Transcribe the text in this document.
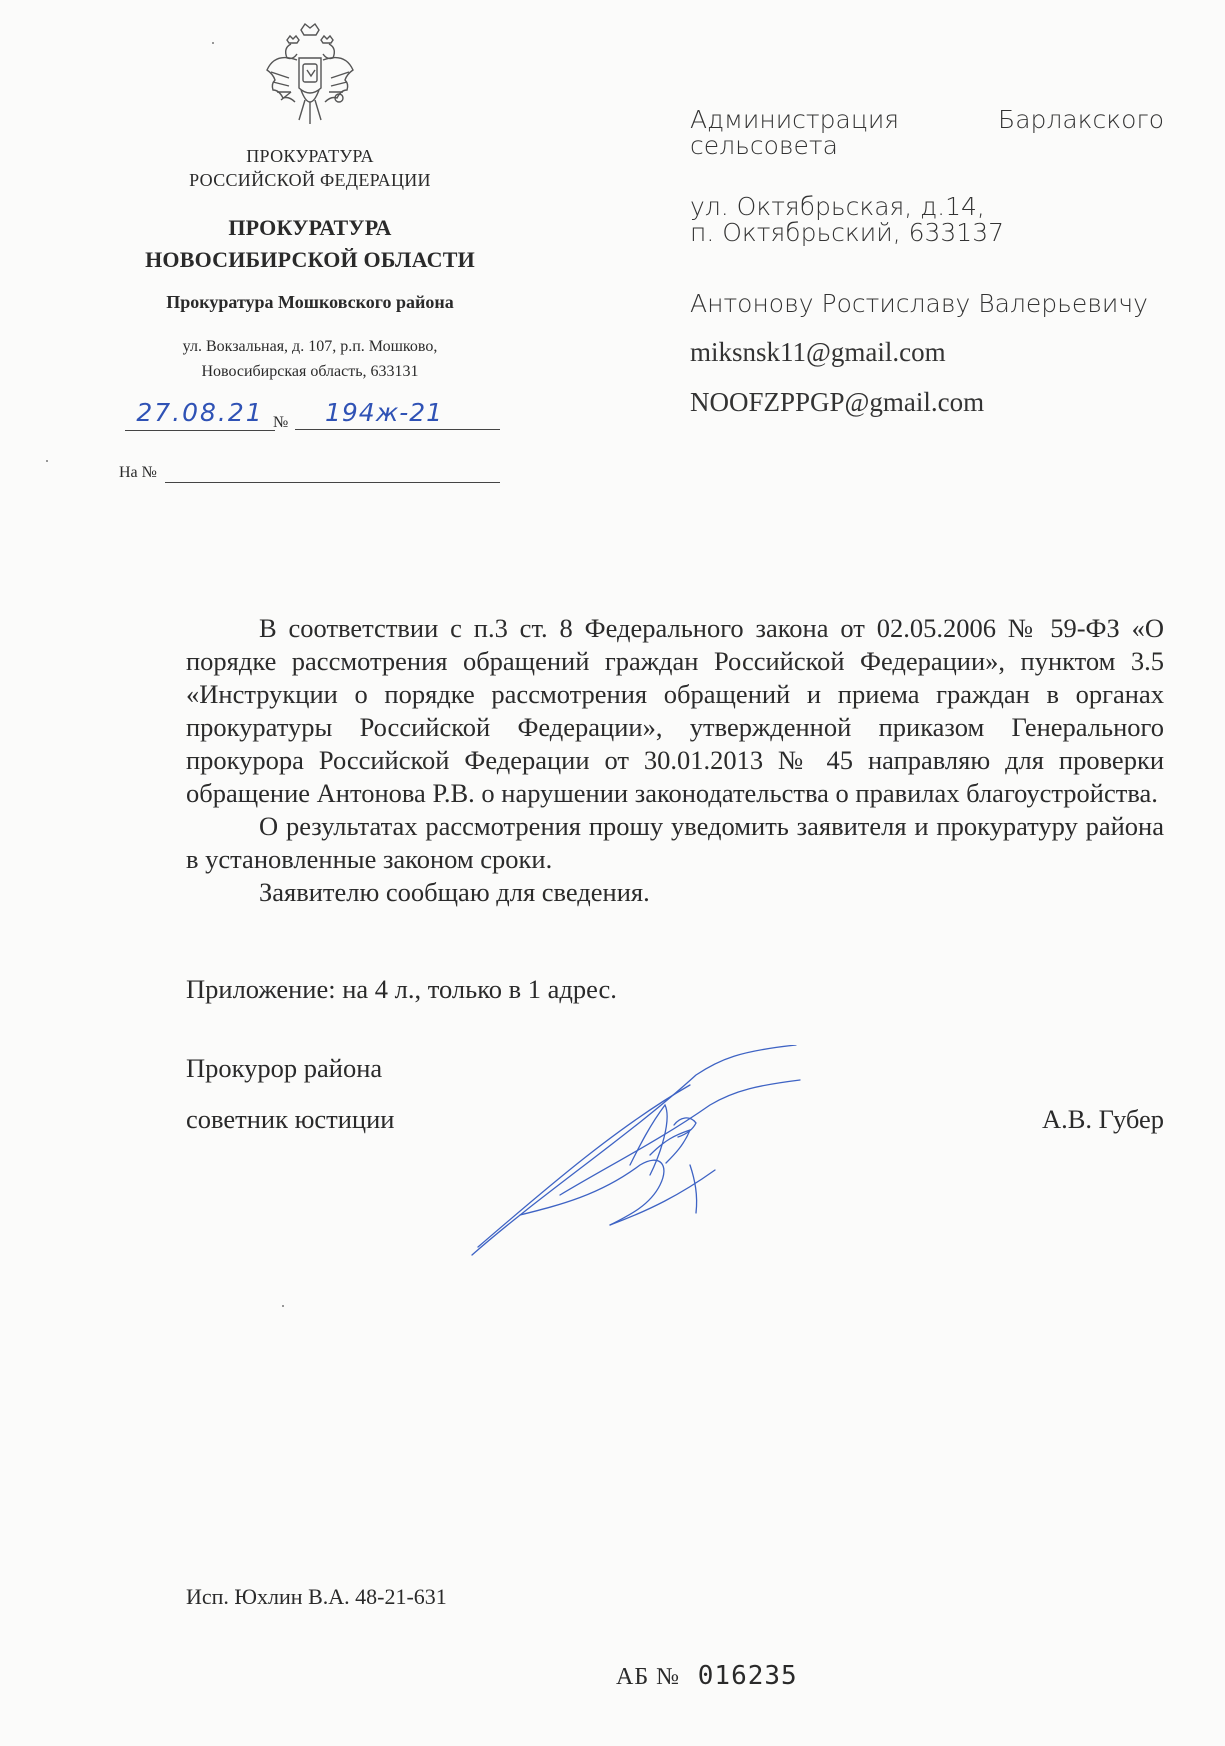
ПРОКУРАТУРА
РОССИЙСКОЙ ФЕДЕРАЦИИ
ПРОКУРАТУРА
НОВОСИБИРСКОЙ ОБЛАСТИ
Прокуратура Мошковского района
ул. Вокзальная, д. 107, р.п. Мошково,
Новосибирская область, 633131
27.08.21 №	194ж-21
На №
Администрация	Барлакского
сельсовета
ул. Октябрьская, д.14,
п. Октябрьский, 633137
Антонову Ростиславу Валерьевичу
miksnsk11@gmail.com
NOOFZPPGP@gmail.com

В соответствии с п.3 ст. 8 Федерального закона от 02.05.2006 № 59-ФЗ «О порядке рассмотрения обращений граждан Российской Федерации», пунктом 3.5 «Инструкции о порядке рассмотрения обращений и приема граждан в органах прокуратуры Российской Федерации», утвержденной приказом Генерального прокурора Российской Федерации от 30.01.2013 № 45 направляю для проверки обращение Антонова Р.В. о нарушении законодательства о правилах благоустройства.

О результатах рассмотрения прошу уведомить заявителя и прокуратуру района в установленные законом сроки.

Заявителю сообщаю для сведения.

Приложение: на 4 л., только в 1 адрес.
Прокурор района
советник юстиции	А.В. Губер
Исп. Юхлин В.А. 48-21-631
АБ № 016235
